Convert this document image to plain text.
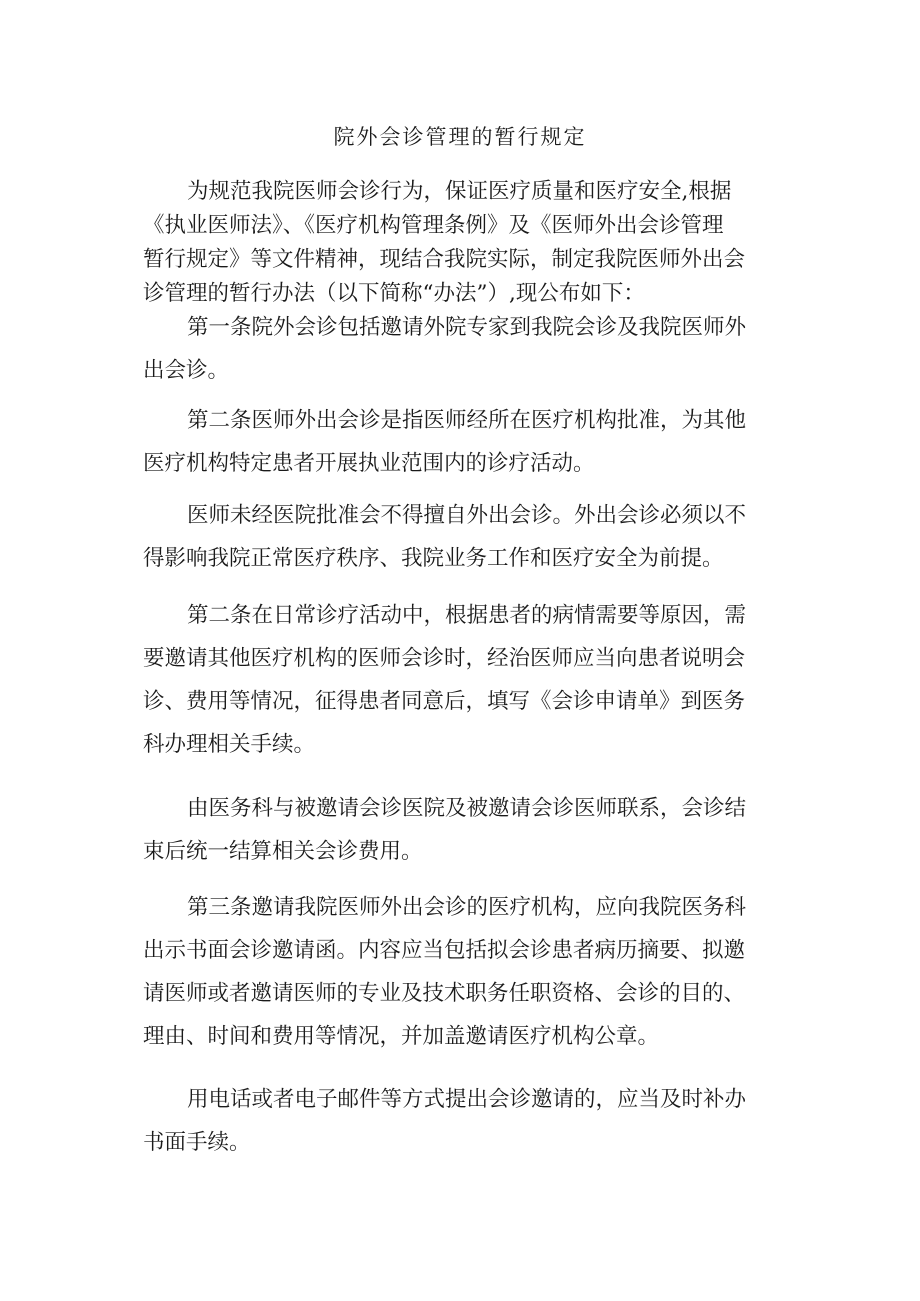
院外会诊管理的暂行规定
为规范我院医师会诊行为，保证医疗质量和医疗安全,根据
《执业医师法》、《医疗机构管理条例》及《医师外出会诊管理
暂行规定》等文件精神，现结合我院实际，制定我院医师外出会
诊管理的暂行办法（以下简称“办法”）,现公布如下：
第一条院外会诊包括邀请外院专家到我院会诊及我院医师外
出会诊。
第二条医师外出会诊是指医师经所在医疗机构批准，为其他
医疗机构特定患者开展执业范围内的诊疗活动。
医师未经医院批准会不得擅自外出会诊。外出会诊必须以不
得影响我院正常医疗秩序、我院业务工作和医疗安全为前提。
第二条在日常诊疗活动中，根据患者的病情需要等原因，需
要邀请其他医疗机构的医师会诊时，经治医师应当向患者说明会
诊、费用等情况，征得患者同意后，填写《会诊申请单》到医务
科办理相关手续。
由医务科与被邀请会诊医院及被邀请会诊医师联系，会诊结
束后统一结算相关会诊费用。
第三条邀请我院医师外出会诊的医疗机构，应向我院医务科
出示书面会诊邀请函。内容应当包括拟会诊患者病历摘要、拟邀
请医师或者邀请医师的专业及技术职务任职资格、会诊的目的、
理由、时间和费用等情况，并加盖邀请医疗机构公章。
用电话或者电子邮件等方式提出会诊邀请的，应当及时补办
书面手续。
